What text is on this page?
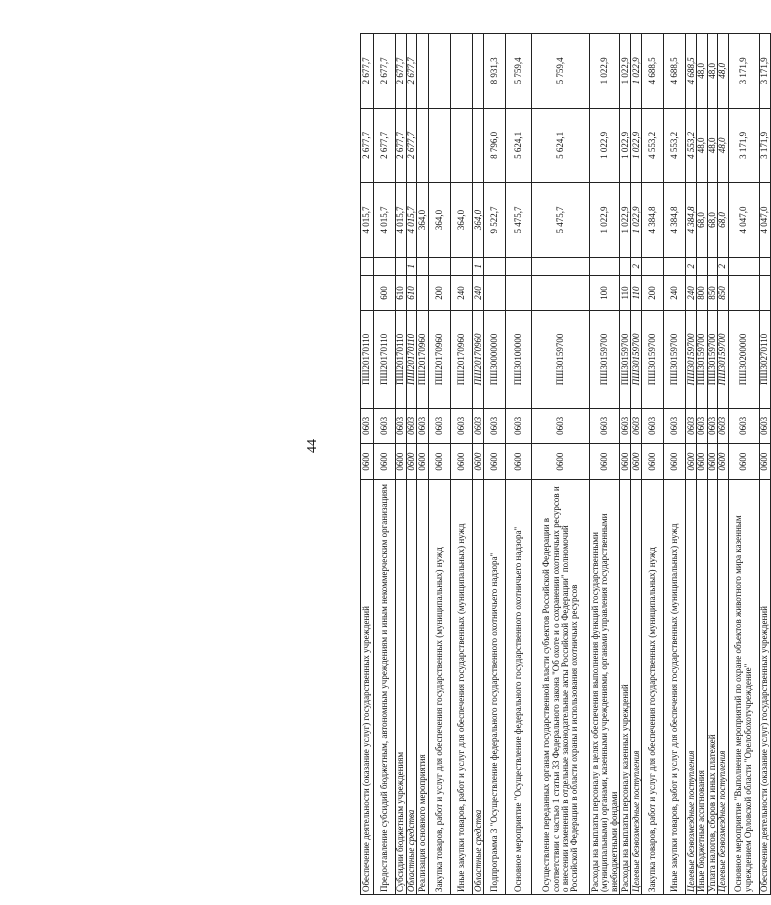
44
Обеспечение деятельности (оказание услуг) государственных учреждений	0600	0603	ПШ20170110			4 015,7	2 677,7	2 677,7
Предоставление субсидий бюджетным, автономным учреждениям и иным некоммерческим организациям	0600	0603	ПШ20170110	600		4 015,7	2 677,7	2 677,7
Субсидии бюджетным учреждениям	0600	0603	ПШ20170110	610		4 015,7	2 677,7	2 677,7
Областные средства	0600	0603	ПШ20170110	610	1	4 015,7	2 677,7	2 677,7
Реализация основного мероприятия	0600	0603	ПШ20170960			364,0		
Закупка товаров, работ и услуг для обеспечения государственных (муниципальных) нужд	0600	0603	ПШ20170960	200		364,0		
Иные закупки товаров, работ и услуг для обеспечения государственных (муниципальных) нужд	0600	0603	ПШ20170960	240		364,0		
Областные средства	0600	0603	ПШ20170960	240	1	364,0		
Подпрограмма 3 "Осуществление федерального государственного охотничьего надзора"	0600	0603	ПШ30000000			9 522,7	8 796,0	8 931,3
Основное мероприятие "Осуществление федерального государственного охотничьего надзора"	0600	0603	ПШ30100000			5 475,7	5 624,1	5 759,4
Осуществление переданных органам государственной власти субъектов Российской Федерации в соответствии с частью 1 статьи 33 Федерального закона "Об охоте и о сохранении охотничьих ресурсов и о внесении изменений в отдельные законодательные акты Российской Федерации" полномочий Российской Федерации в области охраны и использования охотничьих ресурсов	0600	0603	ПШ30159700			5 475,7	5 624,1	5 759,4
Расходы на выплаты персоналу в целях обеспечения выполнения функций государственными (муниципальными) органами, казенными учреждениями, органами управления государственными внебюджетными фондами	0600	0603	ПШ30159700	100		1 022,9	1 022,9	1 022,9
Расходы на выплаты персоналу казенных учреждений	0600	0603	ПШ30159700	110		1 022,9	1 022,9	1 022,9
Целевые безвозмездные поступления	0600	0603	ПШ30159700	110	2	1 022,9	1 022,9	1 022,9
Закупка товаров, работ и услуг для обеспечения государственных (муниципальных) нужд	0600	0603	ПШ30159700	200		4 384,8	4 553,2	4 688,5
Иные закупки товаров, работ и услуг для обеспечения государственных (муниципальных) нужд	0600	0603	ПШ30159700	240		4 384,8	4 553,2	4 688,5
Целевые безвозмездные поступления	0600	0603	ПШ30159700	240	2	4 384,8	4 553,2	4 688,5
Иные бюджетные ассигнования	0600	0603	ПШ30159700	800		68,0	48,0	48,0
Уплата налогов, сборов и иных платежей	0600	0603	ПШ30159700	850		68,0	48,0	48,0
Целевые безвозмездные поступления	0600	0603	ПШ30159700	850	2	68,0	48,0	48,0
Основное мероприятие "Выполнение мероприятий по охране объектов животного мира казенным учреждением Орловской области "Орелобохотучреждение"	0600	0603	ПШ30200000			4 047,0	3 171,9	3 171,9
Обеспечение деятельности (оказание услуг) государственных учреждений	0600	0603	ПШ30270110			4 047,0	3 171,9	3 171,9
